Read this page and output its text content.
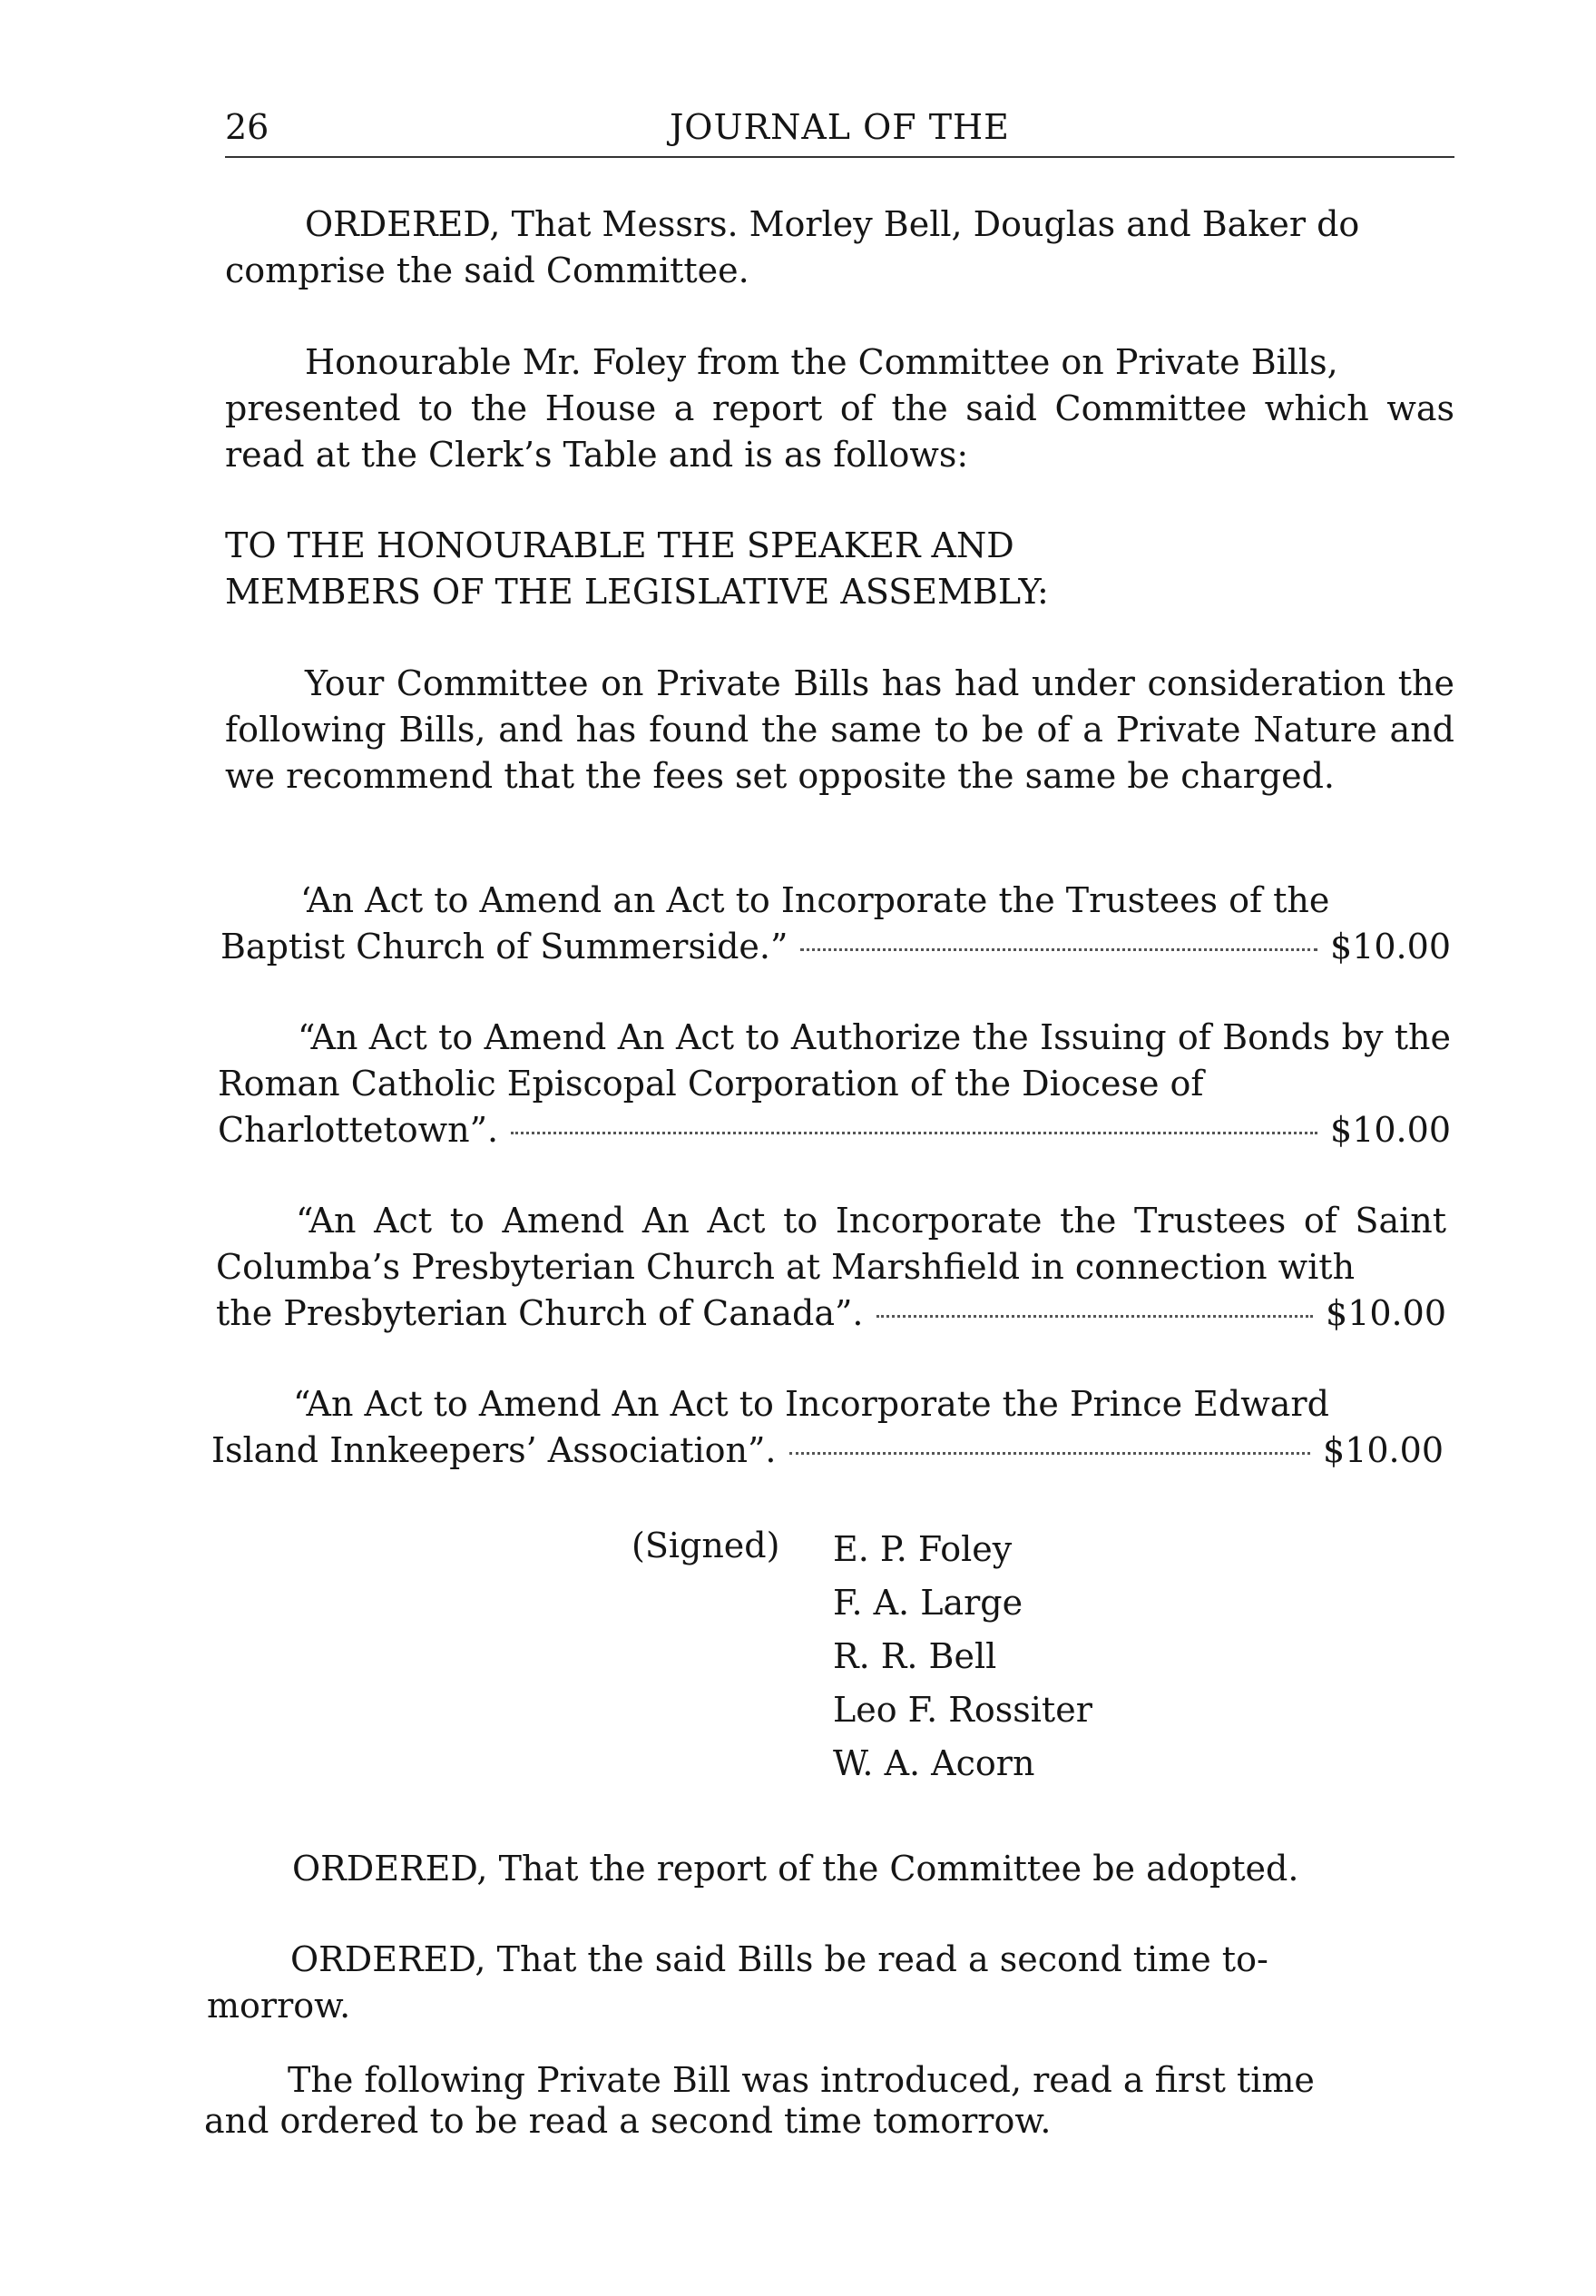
26	JOURNAL OF THE

ORDERED, That Messrs. Morley Bell, Douglas and Baker do
comprise the said Committee.

Honourable Mr. Foley from the Committee on Private Bills,
presented to the House a report of the said Committee which was read at the Clerk’s Table and is as follows:

TO THE HONOURABLE THE SPEAKER AND
MEMBERS OF THE LEGISLATIVE ASSEMBLY:

Your Committee on Private Bills has had under consideration the following Bills, and has found the same to be of a Private Nature and we recommend that the fees set opposite the same be charged.

‘An Act to Amend an Act to Incorporate the Trustees of the
Baptist Church of Summerside.”	$10.00
“An Act to Amend An Act to Authorize the Issuing of Bonds by the Roman Catholic Episcopal Corporation of the Diocese of
Charlottetown”.	$10.00
“An Act to Amend An Act to Incorporate the Trustees of Saint Columba’s Presbyterian Church at Marshfield in connection with
the Presbyterian Church of Canada”.	$10.00
“An Act to Amend An Act to Incorporate the Prince Edward
Island Innkeepers’ Association”.	$10.00
(Signed) E. P. Foley
F. A. Large
R. R. Bell
Leo F. Rossiter
W. A. Acorn

ORDERED, That the report of the Committee be adopted.

ORDERED, That the said Bills be read a second time to-
morrow.

The following Private Bill was introduced, read a first time
and ordered to be read a second time tomorrow.
